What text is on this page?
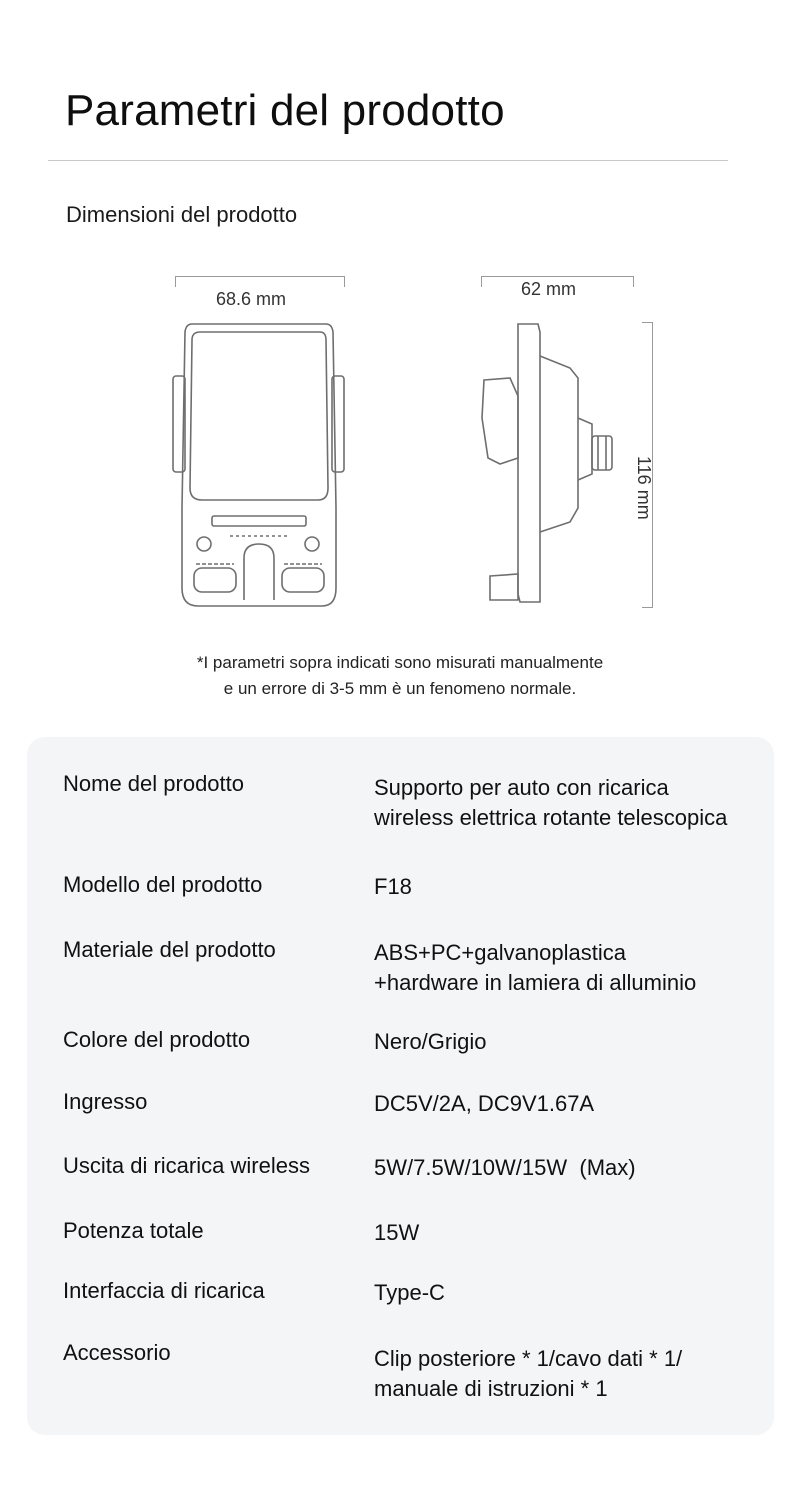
Parametri del prodotto
Dimensioni del prodotto
68.6 mm	62 mm
116 mm
*I parametri sopra indicati sono misurati manualmente
e un errore di 3-5 mm è un fenomeno normale.
Nome del prodotto	Supporto per auto con ricarica
wireless elettrica rotante telescopica
Modello del prodotto	F18
Materiale del prodotto	ABS+PC+galvanoplastica
+hardware in lamiera di alluminio
Colore del prodotto	Nero/Grigio
Ingresso	DC5V/2A, DC9V1.67A
Uscita di ricarica wireless	5W/7.5W/10W/15W  (Max)
Potenza totale	15W
Interfaccia di ricarica	Type-C
Accessorio	Clip posteriore * 1/cavo dati * 1/
manuale di istruzioni * 1
